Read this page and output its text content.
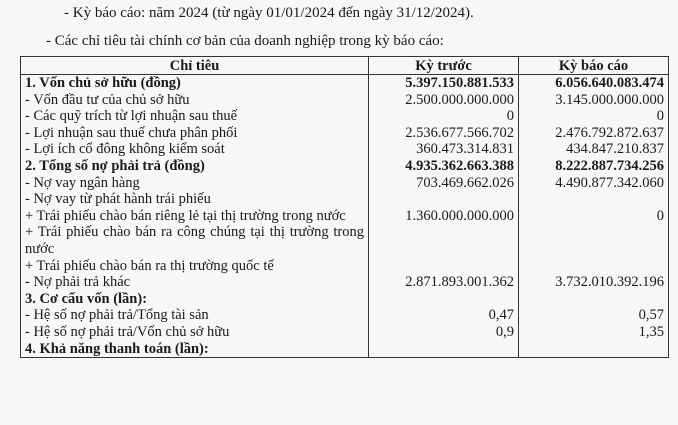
- Kỳ báo cáo: năm 2024 (từ ngày 01/01/2024 đến ngày 31/12/2024).
- Các chỉ tiêu tài chính cơ bản của doanh nghiệp trong kỳ báo cáo:
Chỉ tiêu	Kỳ trước	Kỳ báo cáo
1. Vốn chủ sở hữu (đồng)	5.397.150.881.533	6.056.640.083.474
- Vốn đầu tư của chủ sở hữu	2.500.000.000.000	3.145.000.000.000
- Các quỹ trích từ lợi nhuận sau thuế	0	0
- Lợi nhuận sau thuế chưa phân phối	2.536.677.566.702	2.476.792.872.637
- Lợi ích cổ đông không kiểm soát	360.473.314.831	434.847.210.837
2. Tổng số nợ phải trả (đồng)	4.935.362.663.388	8.222.887.734.256
- Nợ vay ngân hàng	703.469.662.026	4.490.877.342.060
- Nợ vay từ phát hành trái phiếu		
+ Trái phiếu chào bán riêng lẻ tại thị trường trong nước	1.360.000.000.000	0
+ Trái phiếu chào bán ra công chúng tại thị trường trong nước		
+ Trái phiếu chào bán ra thị trường quốc tế		
- Nợ phải trả khác	2.871.893.001.362	3.732.010.392.196
3. Cơ cấu vốn (lần):		
- Hệ số nợ phải trả/Tổng tài sản	0,47	0,57
- Hệ số nợ phải trả/Vốn chủ sở hữu	0,9	1,35
4. Khả năng thanh toán (lần):		
